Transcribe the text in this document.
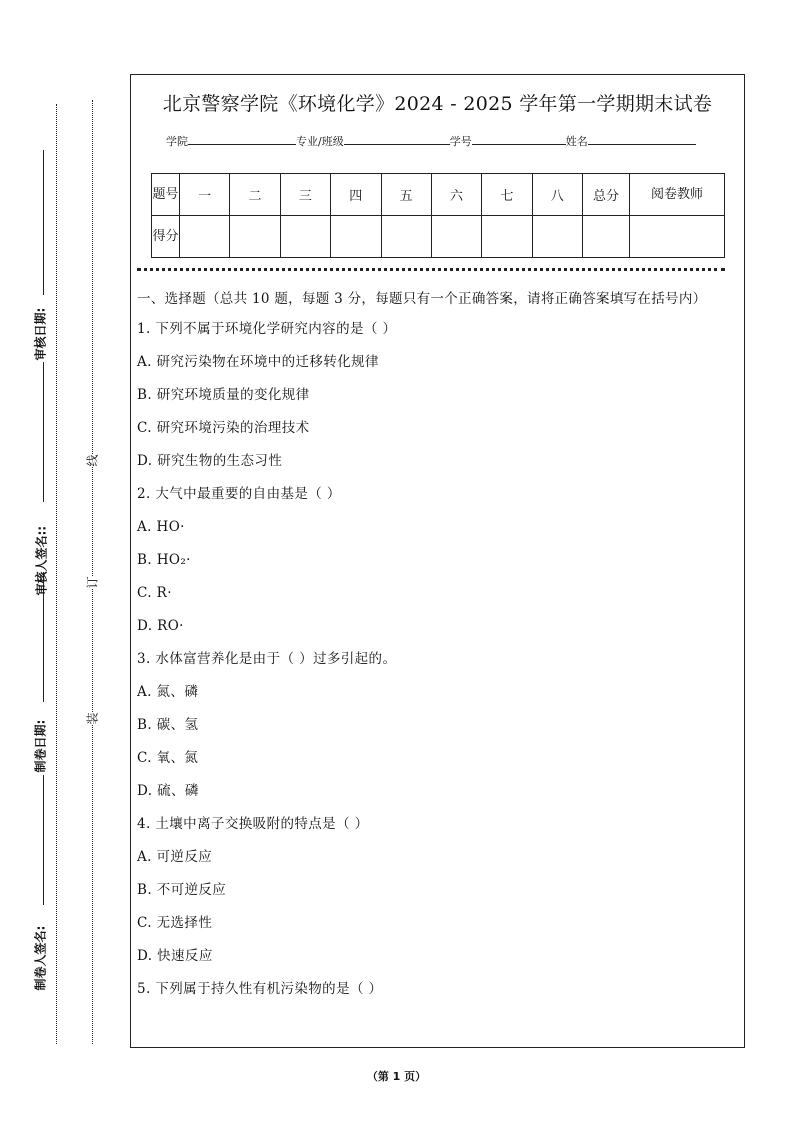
审核日期:
审核人签名::
制卷日期:
制卷人签名:
线
订
装
北京警察学院《环境化学》2024 - 2025 学年第一学期期末试卷
学院	专业/班级	学号	姓名
题号	一	二	三	四	五	六	七	八	总分	阅卷教师
得分										
一、选择题（总共 10 题，每题 3 分，每题只有一个正确答案，请将正确答案填写在括号内）
1. 下列不属于环境化学研究内容的是（ ）
A. 研究污染物在环境中的迁移转化规律
B. 研究环境质量的变化规律
C. 研究环境污染的治理技术
D. 研究生物的生态习性
2. 大气中最重要的自由基是（ ）
A. HO·
B. HO₂·
C. R·
D. RO·
3. 水体富营养化是由于（ ）过多引起的。
A. 氮、磷
B. 碳、氢
C. 氧、氮
D. 硫、磷
4. 土壤中离子交换吸附的特点是（ ）
A. 可逆反应
B. 不可逆反应
C. 无选择性
D. 快速反应
5. 下列属于持久性有机污染物的是（ ）
（第 1 页）
